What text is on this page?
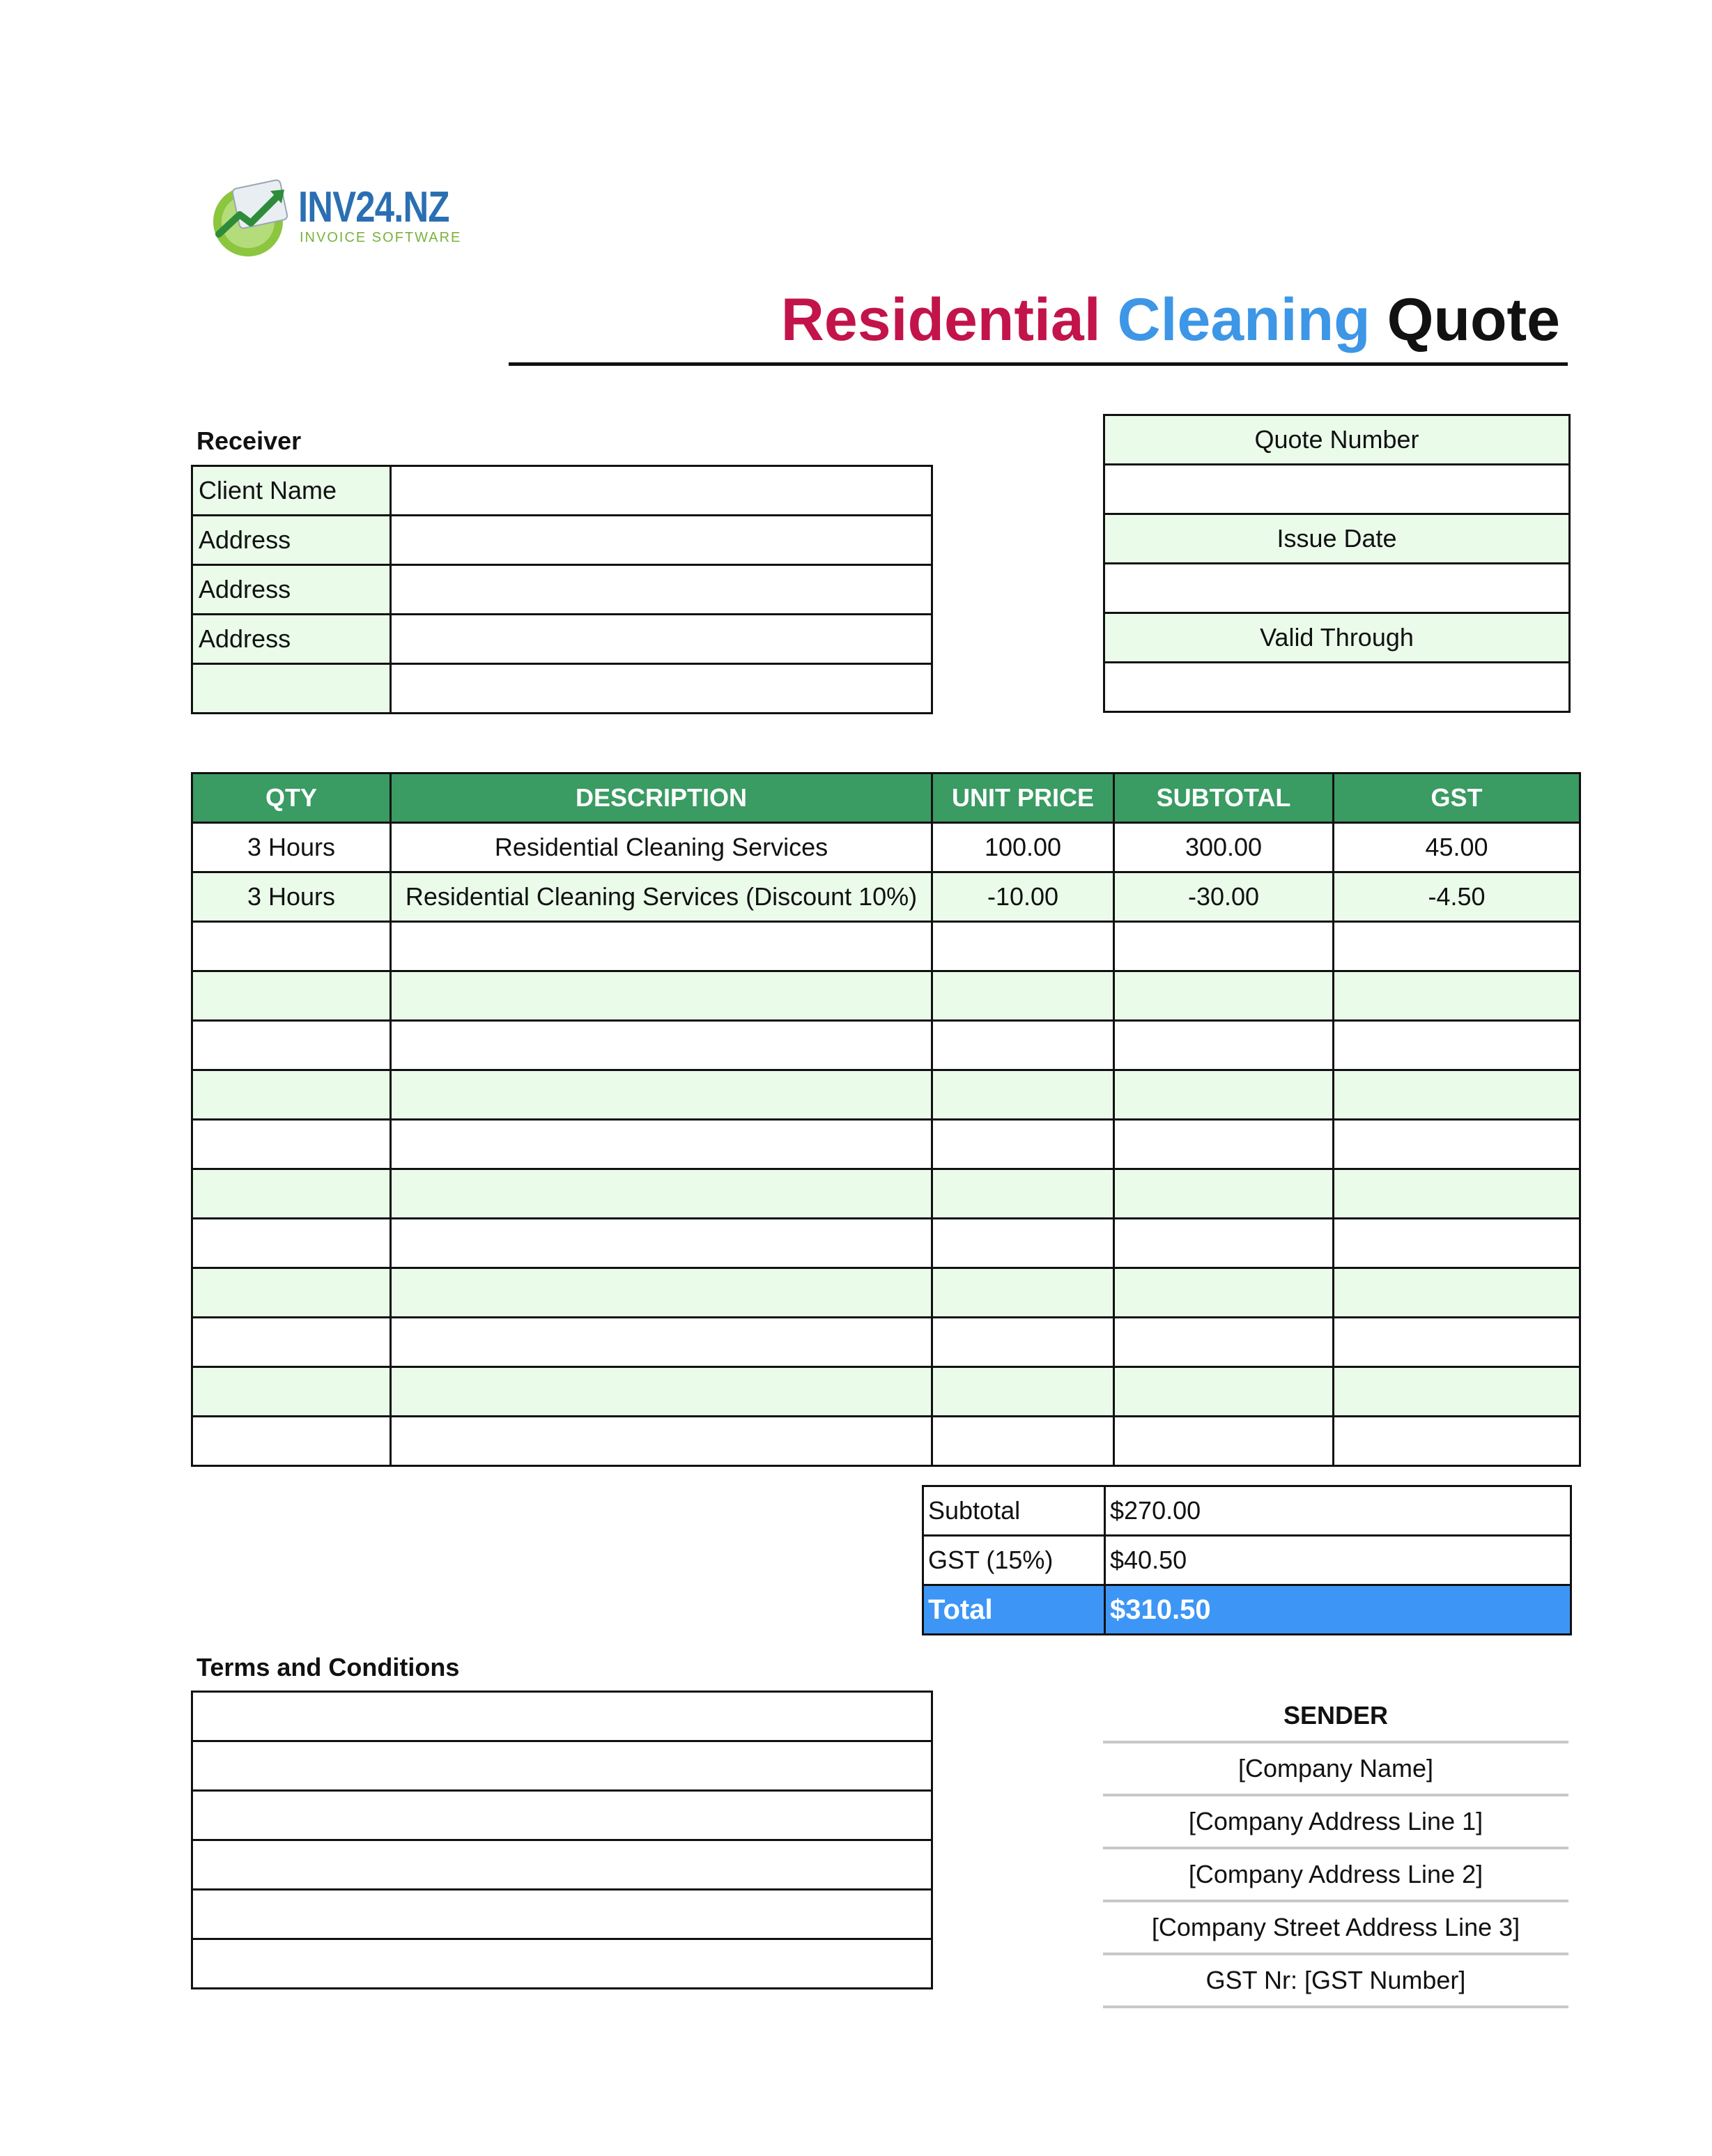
INV24.NZ
INVOICE SOFTWARE
Residential Cleaning Quote
Receiver
Client Name	
Address	
Address	
Address	

Quote Number

Issue Date

Valid Through

QTY	DESCRIPTION	UNIT PRICE	SUBTOTAL	GST
3 Hours	Residential Cleaning Services	100.00	300.00	45.00
3 Hours	Residential Cleaning Services (Discount 10%)	-10.00	-30.00	-4.50

Subtotal	$270.00
GST (15%)	$40.50
Total	$310.50
Terms and Conditions

SENDER
[Company Name]
[Company Address Line 1]
[Company Address Line 2]
[Company Street Address Line 3]
GST Nr: [GST Number]
